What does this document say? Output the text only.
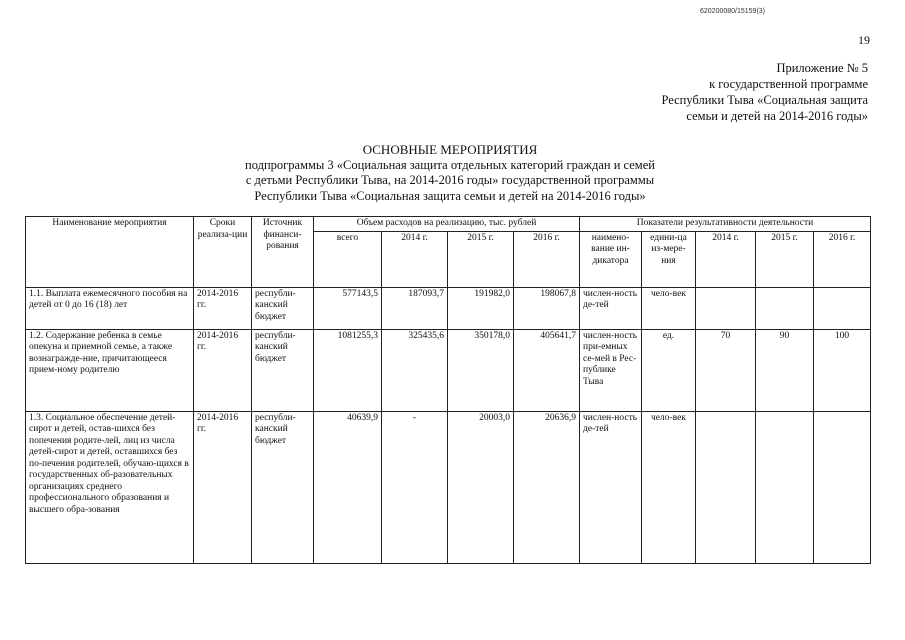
620200080/15159(3)
19
Приложение № 5
к государственной программе
Республики Тыва «Социальная защита
семьи и детей на 2014-2016 годы»
ОСНОВНЫЕ МЕРОПРИЯТИЯ
подпрограммы 3 «Социальная защита отдельных категорий граждан и семей
с детьми Республики Тыва, на 2014-2016 годы» государственной программы
Республики Тыва «Социальная защита семьи и детей на 2014-2016 годы»
Наименование мероприятия	Сроки реализа-ции	Источник финанси-рования	Объем расходов на реализацию, тыс. рублей				Показатели результативности деятельности				
			всего	2014 г.	2015 г.	2016 г.	наимено-вание ин-дикатора	едини-ца из-мере-ния	2014 г.	2015 г.	2016 г.
1.1. Выплата ежемесячного пособия на детей от 0 до 16 (18) лет	2014-2016 гг.	республи-канский бюджет	577143,5	187093,7	191982,0	198067,8	числен-ность де-тей	чело-век			
1.2. Содержание ребенка в семье опекуна и приемной семье, а также вознагражде-ние, причитающееся прием-ному родителю	2014-2016 гг.	республи-канский бюджет	1081255,3	325435,6	350178,0	405641,7	числен-ность при-емных се-мей в Рес-публике Тыва	ед.	70	90	100
1.3. Социальное обеспечение детей-сирот и детей, остав-шихся без попечения родите-лей, лиц из числа детей-сирот и детей, оставшихся без по-печения родителей, обучаю-щихся в государственных об-разовательных организациях среднего профессионального образования и высшего обра-зования	2014-2016 гг.	республи-канский бюджет	40639,9	-	20003,0	20636,9	числен-ность де-тей	чело-век			
